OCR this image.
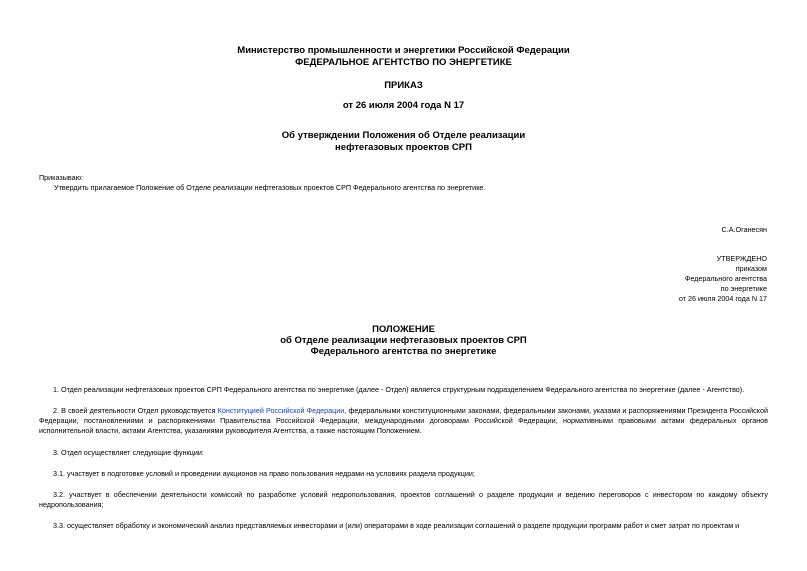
Министерство промышленности и энергетики Российской Федерации
ФЕДЕРАЛЬНОЕ АГЕНТСТВО ПО ЭНЕРГЕТИКЕ
ПРИКАЗ
от 26 июля 2004 года N 17
Об утверждении Положения об Отделе реализации
нефтегазовых проектов СРП
Приказываю:
Утвердить прилагаемое Положение об Отделе реализации нефтегазовых проектов СРП Федерального агентства по энергетике.
С.А.Оганесян
УТВЕРЖДЕНО
приказом
Федерального агентства
по энергетике
от 26 июля 2004 года N 17
ПОЛОЖЕНИЕ
об Отделе реализации нефтегазовых проектов СРП
Федерального агентства по энергетике
1. Отдел реализации нефтегазовых проектов СРП Федерального агентства по энергетике (далее - Отдел) является структурным подразделением Федерального агентства по энергетике (далее - Агентство).
2. В своей деятельности Отдел руководствуется Конституцией Российской Федерации, федеральными конституционными законами, федеральными законами, указами и распоряжениями Президента Российской Федерации, постановлениями и распоряжениями Правительства Российской Федерации, международными договорами Российской Федерации, нормативными правовыми актами федеральных органов исполнительной власти, актами Агентства, указаниями руководителя Агентства, а также настоящим Положением.
3. Отдел осуществляет следующие функции:
3.1. участвует в подготовке условий и проведении аукционов на право пользования недрами на условиях раздела продукции;
3.2. участвует в обеспечении деятельности комиссий по разработке условий недропользования, проектов соглашений о разделе продукции и ведению переговоров с инвестором по каждому объекту недропользования;
3.3. осуществляет обработку и экономический анализ представляемых инвесторами и (или) операторами в ходе реализации соглашений о разделе продукции программ работ и смет затрат по проектам и
